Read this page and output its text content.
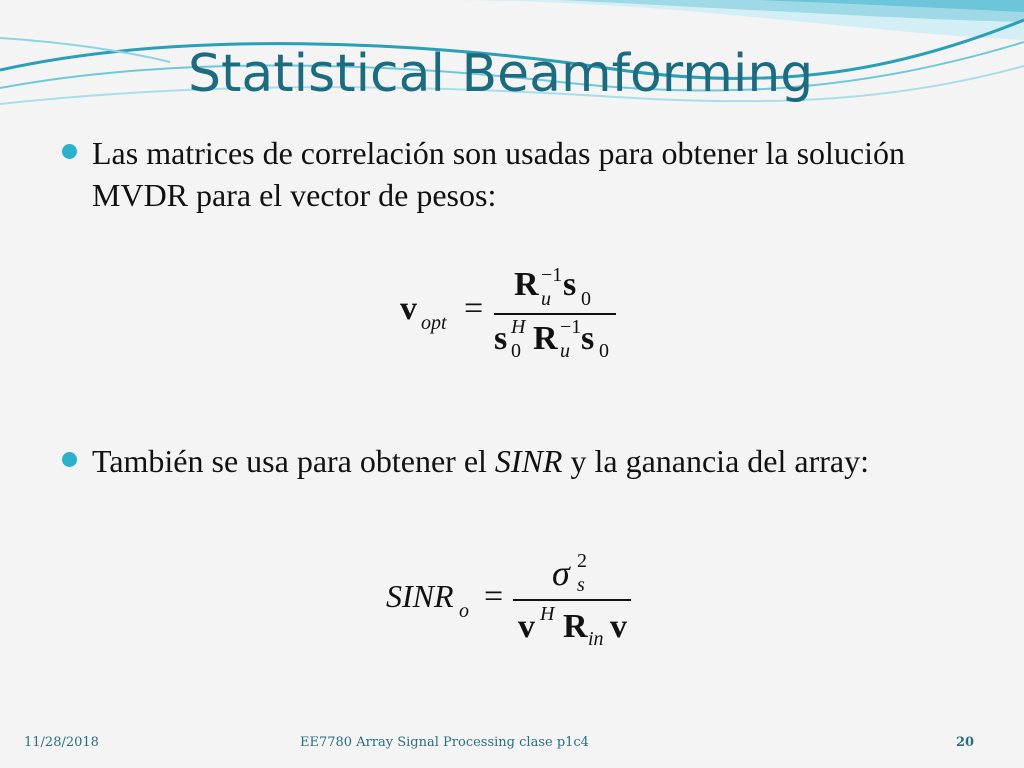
Statistical Beamforming
Las matrices de correlación son usadas para obtener la solución MVDR para el vector de pesos:
v opt =
R −1
u s 0
s H
0 R −1
u s 0
También se usa para obtener el SINR y la ganancia del array:
SINR o =
σ 2
s
v H R in v
11/28/2018	EE7780 Array Signal Processing clase p1c4	20
